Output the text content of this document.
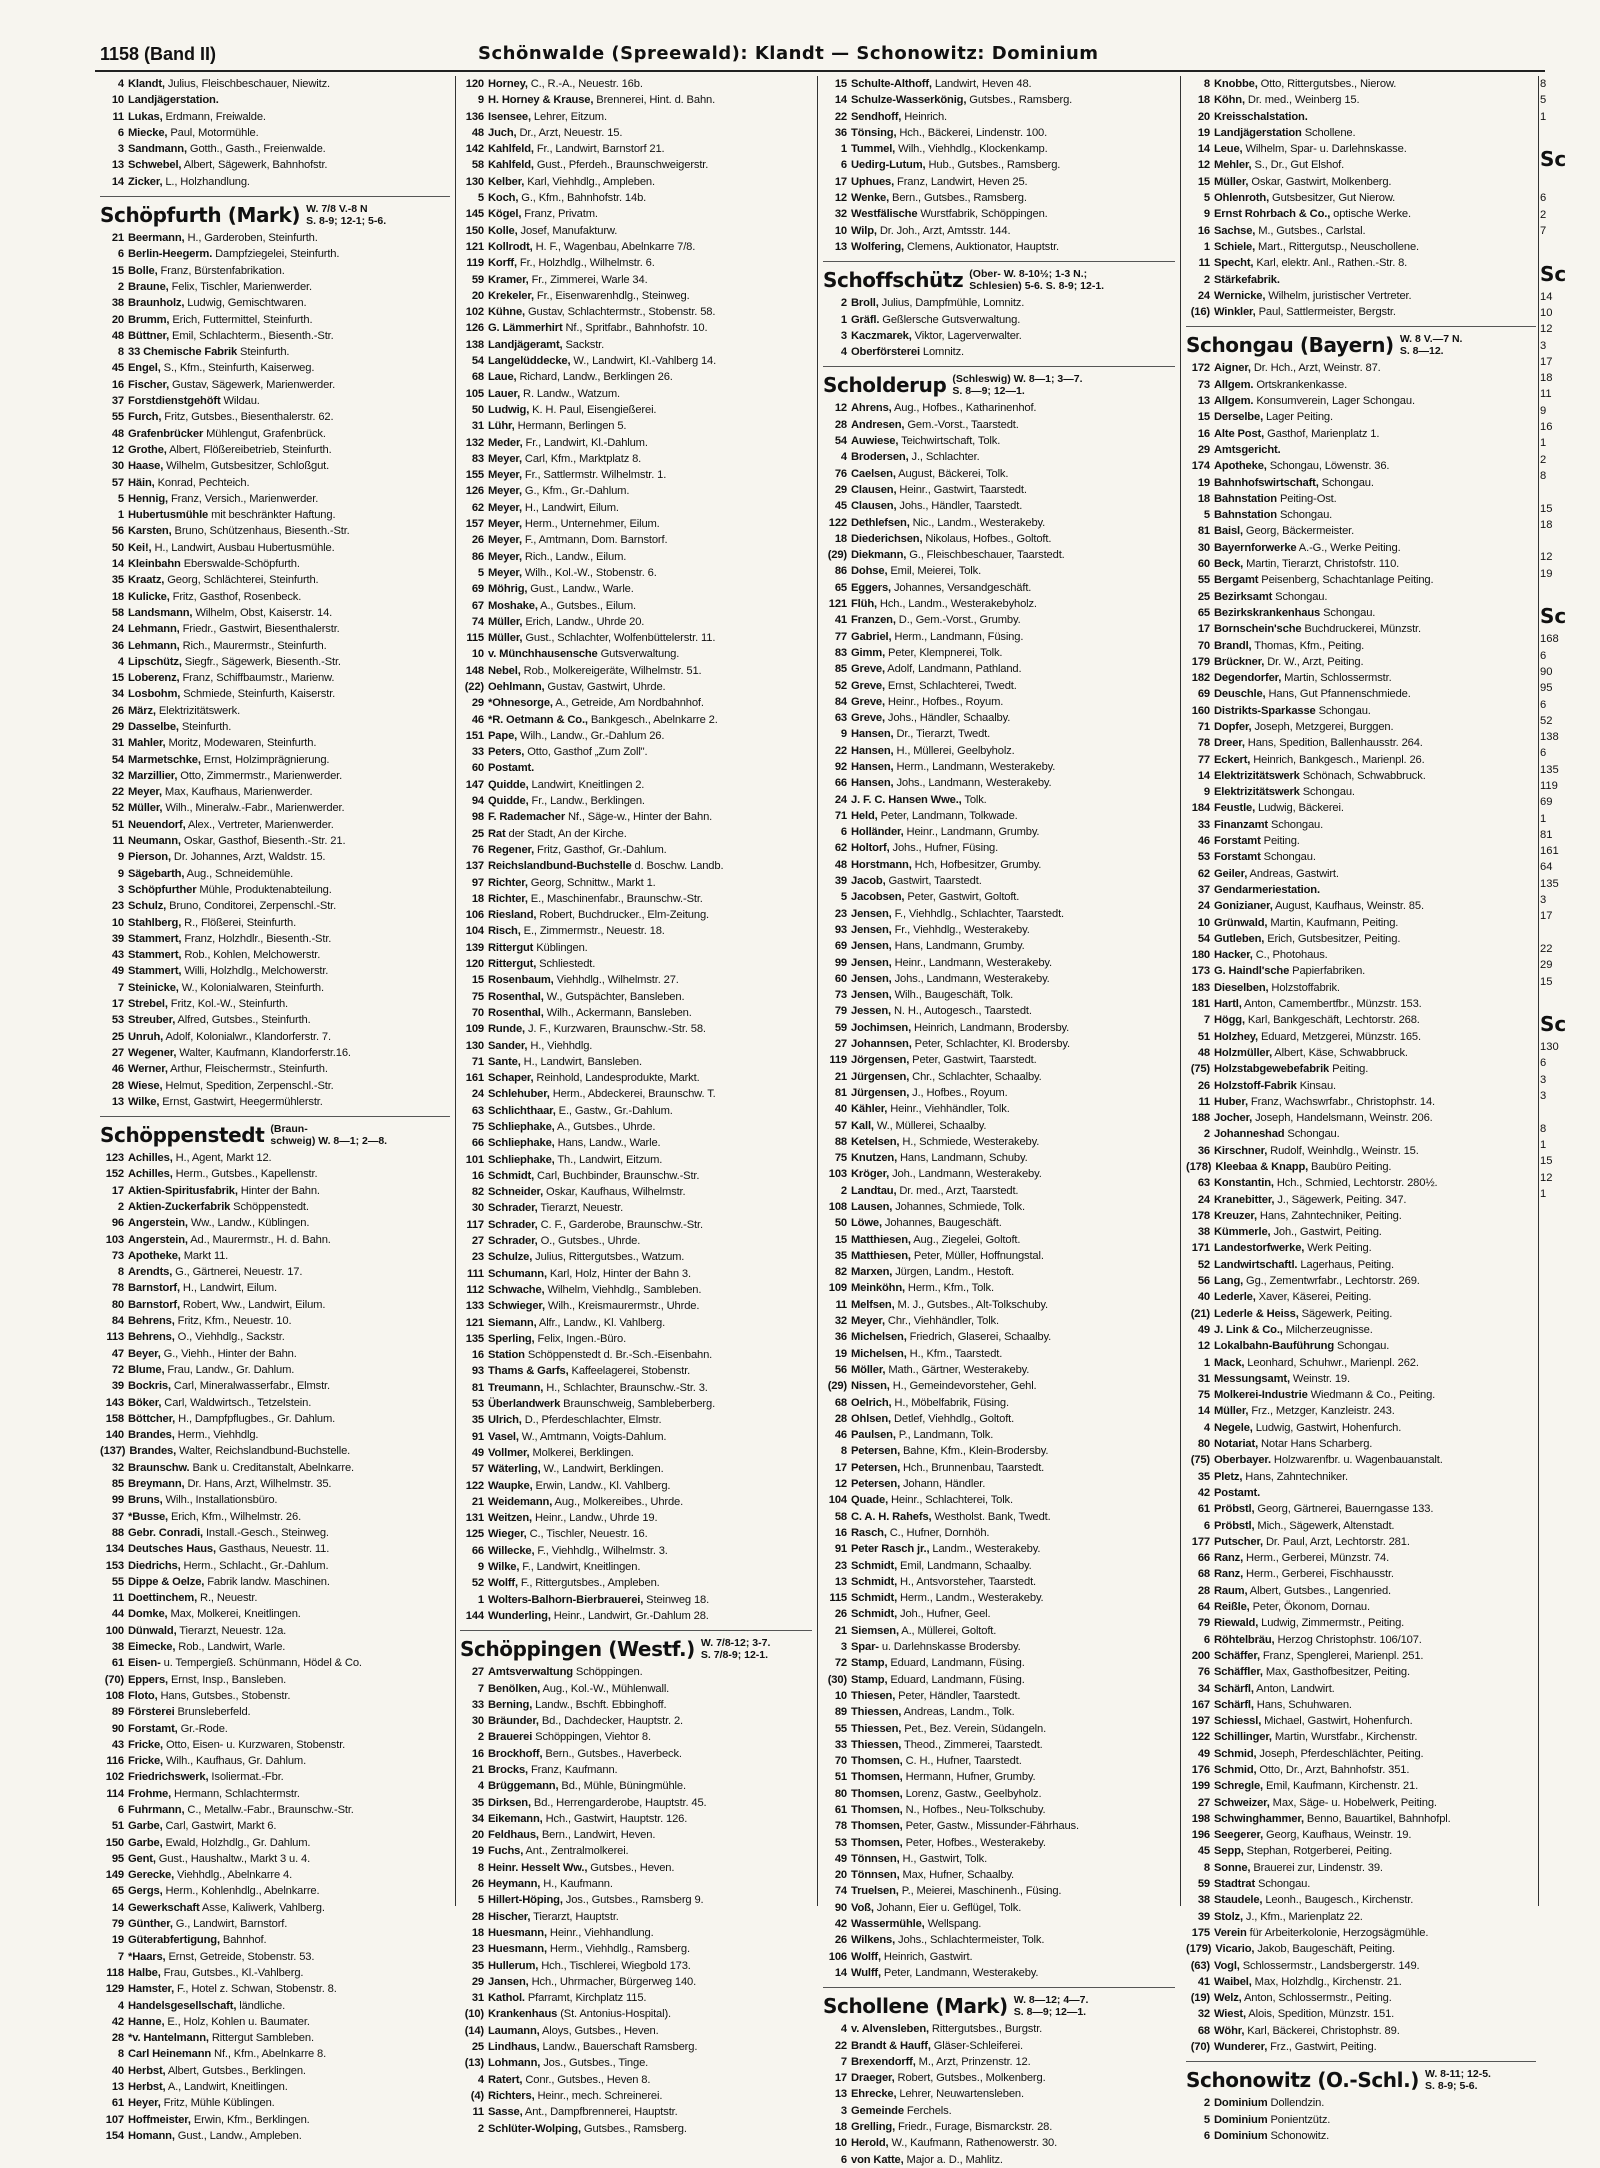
1158 (Band II)	Schönwalde (Spreewald): Klandt — Schonowitz: Dominium
4 Klandt, Julius, Fleischbeschauer, Niewitz.
10 Landjägerstation.
11 Lukas, Erdmann, Freiwalde.
6 Miecke, Paul, Motormühle.
3 Sandmann, Gotth., Gasth., Freienwalde.
13 Schwebel, Albert, Sägewerk, Bahnhofstr.
14 Zicker, L., Holzhandlung.
Schöpfurth (Mark) W. 7/8 V.-8 N
S. 8-9; 12-1; 5-6.
21 Beermann, H., Garderoben, Steinfurth.
6 Berlin-Heegerm. Dampfziegelei, Steinfurth.
15 Bolle, Franz, Bürstenfabrikation.
2 Braune, Felix, Tischler, Marienwerder.
38 Braunholz, Ludwig, Gemischtwaren.
20 Brumm, Erich, Futtermittel, Steinfurth.
48 Büttner, Emil, Schlachterm., Biesenth.-Str.
8 33 Chemische Fabrik Steinfurth.
45 Engel, S., Kfm., Steinfurth, Kaiserweg.
16 Fischer, Gustav, Sägewerk, Marienwerder.
37 Forstdienstgehöft Wildau.
55 Furch, Fritz, Gutsbes., Biesenthalerstr. 62.
48 Grafenbrücker Mühlengut, Grafenbrück.
12 Grothe, Albert, Flößereibetrieb, Steinfurth.
30 Haase, Wilhelm, Gutsbesitzer, Schloßgut.
57 Häin, Konrad, Pechteich.
5 Hennig, Franz, Versich., Marienwerder.
1 Hubertusmühle mit beschränkter Haftung.
56 Karsten, Bruno, Schützenhaus, Biesenth.-Str.
50 Kei!, H., Landwirt, Ausbau Hubertusmühle.
14 Kleinbahn Eberswalde-Schöpfurth.
35 Kraatz, Georg, Schlächterei, Steinfurth.
18 Kulicke, Fritz, Gasthof, Rosenbeck.
58 Landsmann, Wilhelm, Obst, Kaiserstr. 14.
24 Lehmann, Friedr., Gastwirt, Biesenthalerstr.
36 Lehmann, Rich., Maurermstr., Steinfurth.
4 Lipschütz, Siegfr., Sägewerk, Biesenth.-Str.
15 Loberenz, Franz, Schiffbaumstr., Marienw.
34 Losbohm, Schmiede, Steinfurth, Kaiserstr.
26 März, Elektrizitätswerk.
29 Dasselbe, Steinfurth.
31 Mahler, Moritz, Modewaren, Steinfurth.
54 Marmetschke, Ernst, Holzimprägnierung.
32 Marzillier, Otto, Zimmermstr., Marienwerder.
22 Meyer, Max, Kaufhaus, Marienwerder.
52 Müller, Wilh., Mineralw.-Fabr., Marienwerder.
51 Neuendorf, Alex., Vertreter, Marienwerder.
11 Neumann, Oskar, Gasthof, Biesenth.-Str. 21.
9 Pierson, Dr. Johannes, Arzt, Waldstr. 15.
9 Sägebarth, Aug., Schneidemühle.
3 Schöpfurther Mühle, Produktenabteilung.
23 Schulz, Bruno, Conditorei, Zerpenschl.-Str.
10 Stahlberg, R., Flößerei, Steinfurth.
39 Stammert, Franz, Holzhdlr., Biesenth.-Str.
43 Stammert, Rob., Kohlen, Melchowerstr.
49 Stammert, Willi, Holzhdlg., Melchowerstr.
7 Steinicke, W., Kolonialwaren, Steinfurth.
17 Strebel, Fritz, Kol.-W., Steinfurth.
53 Streuber, Alfred, Gutsbes., Steinfurth.
25 Unruh, Adolf, Kolonialwr., Klandorferstr. 7.
27 Wegener, Walter, Kaufmann, Klandorferstr.16.
46 Werner, Arthur, Fleischermstr., Steinfurth.
28 Wiese, Helmut, Spedition, Zerpenschl.-Str.
13 Wilke, Ernst, Gastwirt, Heegermühlerstr.
Schöppenstedt (Braun-
schweig) W. 8—1; 2—8.
123 Achilles, H., Agent, Markt 12.
152 Achilles, Herm., Gutsbes., Kapellenstr.
17 Aktien-Spiritusfabrik, Hinter der Bahn.
2 Aktien-Zuckerfabrik Schöppenstedt.
96 Angerstein, Ww., Landw., Küblingen.
103 Angerstein, Ad., Maurermstr., H. d. Bahn.
73 Apotheke, Markt 11.
8 Arendts, G., Gärtnerei, Neuestr. 17.
78 Barnstorf, H., Landwirt, Eilum.
80 Barnstorf, Robert, Ww., Landwirt, Eilum.
84 Behrens, Fritz, Kfm., Neuestr. 10.
113 Behrens, O., Viehhdlg., Sackstr.
47 Beyer, G., Viehh., Hinter der Bahn.
72 Blume, Frau, Landw., Gr. Dahlum.
39 Bockris, Carl, Mineralwasserfabr., Elmstr.
143 Böker, Carl, Waldwirtsch., Tetzelstein.
158 Böttcher, H., Dampfpflugbes., Gr. Dahlum.
140 Brandes, Herm., Viehhdlg.
(137) Brandes, Walter, Reichslandbund-Buchstelle.
32 Braunschw. Bank u. Creditanstalt, Abelnkarre.
85 Breymann, Dr. Hans, Arzt, Wilhelmstr. 35.
99 Bruns, Wilh., Installationsbüro.
37 *Busse, Erich, Kfm., Wilhelmstr. 26.
88 Gebr. Conradi, Install.-Gesch., Steinweg.
134 Deutsches Haus, Gasthaus, Neuestr. 11.
153 Diedrichs, Herm., Schlacht., Gr.-Dahlum.
55 Dippe & Oelze, Fabrik landw. Maschinen.
11 Doettinchem, R., Neuestr.
44 Domke, Max, Molkerei, Kneitlingen.
100 Dünwald, Tierarzt, Neuestr. 12a.
38 Eimecke, Rob., Landwirt, Warle.
61 Eisen- u. Tempergieß. Schünmann, Hödel & Co.
(70) Eppers, Ernst, Insp., Bansleben.
108 Floto, Hans, Gutsbes., Stobenstr.
89 Försterei Brunsleberfeld.
90 Forstamt, Gr.-Rode.
43 Fricke, Otto, Eisen- u. Kurzwaren, Stobenstr.
116 Fricke, Wilh., Kaufhaus, Gr. Dahlum.
102 Friedrichswerk, Isoliermat.-Fbr.
114 Frohme, Hermann, Schlachtermstr.
6 Fuhrmann, C., Metallw.-Fabr., Braunschw.-Str.
51 Garbe, Carl, Gastwirt, Markt 6.
150 Garbe, Ewald, Holzhdlg., Gr. Dahlum.
95 Gent, Gust., Haushaltw., Markt 3 u. 4.
149 Gerecke, Viehhdlg., Abelnkarre 4.
65 Gergs, Herm., Kohlenhdlg., Abelnkarre.
14 Gewerkschaft Asse, Kaliwerk, Vahlberg.
79 Günther, G., Landwirt, Barnstorf.
19 Güterabfertigung, Bahnhof.
7 *Haars, Ernst, Getreide, Stobenstr. 53.
118 Halbe, Frau, Gutsbes., Kl.-Vahlberg.
129 Hamster, F., Hotel z. Schwan, Stobenstr. 8.
4 Handelsgesellschaft, ländliche.
42 Hanne, E., Holz, Kohlen u. Baumater.
28 *v. Hantelmann, Rittergut Sambleben.
8 Carl Heinemann Nf., Kfm., Abelnkarre 8.
40 Herbst, Albert, Gutsbes., Berklingen.
13 Herbst, A., Landwirt, Kneitlingen.
61 Heyer, Fritz, Mühle Küblingen.
107 Hoffmeister, Erwin, Kfm., Berklingen.
154 Homann, Gust., Landw., Ampleben.
120 Horney, C., R.-A., Neuestr. 16b.
9 H. Horney & Krause, Brennerei, Hint. d. Bahn.
136 Isensee, Lehrer, Eitzum.
48 Juch, Dr., Arzt, Neuestr. 15.
142 Kahlfeld, Fr., Landwirt, Barnstorf 21.
58 Kahlfeld, Gust., Pferdeh., Braunschweigerstr.
130 Kelber, Karl, Viehhdlg., Ampleben.
5 Koch, G., Kfm., Bahnhofstr. 14b.
145 Kögel, Franz, Privatm.
150 Kolle, Josef, Manufakturw.
121 Kollrodt, H. F., Wagenbau, Abelnkarre 7/8.
119 Korff, Fr., Holzhdlg., Wilhelmstr. 6.
59 Kramer, Fr., Zimmerei, Warle 34.
20 Krekeler, Fr., Eisenwarenhdlg., Steinweg.
102 Kühne, Gustav, Schlachtermstr., Stobenstr. 58.
126 G. Lämmerhirt Nf., Spritfabr., Bahnhofstr. 10.
138 Landjägeramt, Sackstr.
54 Langelüddecke, W., Landwirt, Kl.-Vahlberg 14.
68 Laue, Richard, Landw., Berklingen 26.
105 Lauer, R. Landw., Watzum.
50 Ludwig, K. H. Paul, Eisengießerei.
31 Lühr, Hermann, Berlingen 5.
132 Meder, Fr., Landwirt, Kl.-Dahlum.
83 Meyer, Carl, Kfm., Marktplatz 8.
155 Meyer, Fr., Sattlermstr. Wilhelmstr. 1.
126 Meyer, G., Kfm., Gr.-Dahlum.
62 Meyer, H., Landwirt, Eilum.
157 Meyer, Herm., Unternehmer, Eilum.
26 Meyer, F., Amtmann, Dom. Barnstorf.
86 Meyer, Rich., Landw., Eilum.
5 Meyer, Wilh., Kol.-W., Stobenstr. 6.
69 Möhrig, Gust., Landw., Warle.
67 Moshake, A., Gutsbes., Eilum.
74 Müller, Erich, Landw., Uhrde 20.
115 Müller, Gust., Schlachter, Wolfenbüttelerstr. 11.
10 v. Münchhausensche Gutsverwaltung.
148 Nebel, Rob., Molkereigeräte, Wilhelmstr. 51.
(22) Oehlmann, Gustav, Gastwirt, Uhrde.
29 *Ohnesorge, A., Getreide, Am Nordbahnhof.
46 *R. Oetmann & Co., Bankgesch., Abelnkarre 2.
151 Pape, Wilh., Landw., Gr.-Dahlum 26.
33 Peters, Otto, Gasthof „Zum Zoll".
60 Postamt.
147 Quidde, Landwirt, Kneitlingen 2.
94 Quidde, Fr., Landw., Berklingen.
98 F. Rademacher Nf., Säge-w., Hinter der Bahn.
25 Rat der Stadt, An der Kirche.
76 Regener, Fritz, Gasthof, Gr.-Dahlum.
137 Reichslandbund-Buchstelle d. Boschw. Landb.
97 Richter, Georg, Schnittw., Markt 1.
18 Richter, E., Maschinenfabr., Braunschw.-Str.
106 Riesland, Robert, Buchdrucker., Elm-Zeitung.
104 Risch, E., Zimmermstr., Neuestr. 18.
139 Rittergut Küblingen.
120 Rittergut, Schliestedt.
15 Rosenbaum, Viehhdlg., Wilhelmstr. 27.
75 Rosenthal, W., Gutspächter, Bansleben.
70 Rosenthal, Wilh., Ackermann, Bansleben.
109 Runde, J. F., Kurzwaren, Braunschw.-Str. 58.
130 Sander, H., Viehhdlg.
71 Sante, H., Landwirt, Bansleben.
161 Schaper, Reinhold, Landesprodukte, Markt.
24 Schlehuber, Herm., Abdeckerei, Braunschw. T.
63 Schlichthaar, E., Gastw., Gr.-Dahlum.
75 Schliephake, A., Gutsbes., Uhrde.
66 Schliephake, Hans, Landw., Warle.
101 Schliephake, Th., Landwirt, Eitzum.
16 Schmidt, Carl, Buchbinder, Braunschw.-Str.
82 Schneider, Oskar, Kaufhaus, Wilhelmstr.
30 Schrader, Tierarzt, Neuestr.
117 Schrader, C. F., Garderobe, Braunschw.-Str.
27 Schrader, O., Gutsbes., Uhrde.
23 Schulze, Julius, Rittergutsbes., Watzum.
111 Schumann, Karl, Holz, Hinter der Bahn 3.
112 Schwache, Wilhelm, Viehhdlg., Sambleben.
133 Schwieger, Wilh., Kreismaurermstr., Uhrde.
121 Siemann, Alfr., Landw., Kl. Vahlberg.
135 Sperling, Felix, Ingen.-Büro.
16 Station Schöppenstedt d. Br.-Sch.-Eisenbahn.
93 Thams & Garfs, Kaffeelagerei, Stobenstr.
81 Treumann, H., Schlachter, Braunschw.-Str. 3.
53 Überlandwerk Braunschweig, Sambleberberg.
35 Ulrich, D., Pferdeschlachter, Elmstr.
91 Vasel, W., Amtmann, Voigts-Dahlum.
49 Vollmer, Molkerei, Berklingen.
57 Wäterling, W., Landwirt, Berklingen.
122 Waupke, Erwin, Landw., Kl. Vahlberg.
21 Weidemann, Aug., Molkereibes., Uhrde.
131 Weitzen, Heinr., Landw., Uhrde 19.
125 Wieger, C., Tischler, Neuestr. 16.
66 Willecke, F., Viehhdlg., Wilhelmstr. 3.
9 Wilke, F., Landwirt, Kneitlingen.
52 Wolff, F., Rittergutsbes., Ampleben.
1 Wolters-Balhorn-Bierbrauerei, Steinweg 18.
144 Wunderling, Heinr., Landwirt, Gr.-Dahlum 28.
Schöppingen (Westf.) W. 7/8-12; 3-7.
S. 7/8-9; 12-1.
27 Amtsverwaltung Schöppingen.
7 Benölken, Aug., Kol.-W., Mühlenwall.
33 Berning, Landw., Bschft. Ebbinghoff.
30 Bräunder, Bd., Dachdecker, Hauptstr. 2.
2 Brauerei Schöppingen, Viehtor 8.
16 Brockhoff, Bern., Gutsbes., Haverbeck.
21 Brocks, Franz, Kaufmann.
4 Brüggemann, Bd., Mühle, Büningmühle.
35 Dirksen, Bd., Herrengarderobe, Hauptstr. 45.
34 Eikemann, Hch., Gastwirt, Hauptstr. 126.
20 Feldhaus, Bern., Landwirt, Heven.
19 Fuchs, Ant., Zentralmolkerei.
8 Heinr. Hesselt Ww., Gutsbes., Heven.
26 Heymann, H., Kaufmann.
5 Hillert-Höping, Jos., Gutsbes., Ramsberg 9.
28 Hischer, Tierarzt, Hauptstr.
18 Huesmann, Heinr., Viehhandlung.
23 Huesmann, Herm., Viehhdlg., Ramsberg.
35 Hullerum, Hch., Tischlerei, Wiegbold 173.
29 Jansen, Hch., Uhrmacher, Bürgerweg 140.
31 Kathol. Pfarramt, Kirchplatz 115.
(10) Krankenhaus (St. Antonius-Hospital).
(14) Laumann, Aloys, Gutsbes., Heven.
25 Lindhaus, Landw., Bauerschaft Ramsberg.
(13) Lohmann, Jos., Gutsbes., Tinge.
4 Ratert, Conr., Gutsbes., Heven 8.
(4) Richters, Heinr., mech. Schreinerei.
11 Sasse, Ant., Dampfbrennerei, Hauptstr.
2 Schlüter-Wolping, Gutsbes., Ramsberg.
15 Schulte-Althoff, Landwirt, Heven 48.
14 Schulze-Wasserkönig, Gutsbes., Ramsberg.
22 Sendhoff, Heinrich.
36 Tönsing, Hch., Bäckerei, Lindenstr. 100.
1 Tummel, Wilh., Viehhdlg., Klockenkamp.
6 Uedirg-Lutum, Hub., Gutsbes., Ramsberg.
17 Uphues, Franz, Landwirt, Heven 25.
12 Wenke, Bern., Gutsbes., Ramsberg.
32 Westfälische Wurstfabrik, Schöppingen.
10 Wilp, Dr. Joh., Arzt, Amtsstr. 144.
13 Wolfering, Clemens, Auktionator, Hauptstr.
Schoffschütz (Ober- W. 8-10½; 1-3 N.;
Schlesien) 5-6. S. 8-9; 12-1.
2 Broll, Julius, Dampfmühle, Lomnitz.
1 Gräfl. Geßlersche Gutsverwaltung.
3 Kaczmarek, Viktor, Lagerverwalter.
4 Oberförsterei Lomnitz.
Scholderup (Schleswig) W. 8—1; 3—7.
S. 8—9; 12—1.
12 Ahrens, Aug., Hofbes., Katharinenhof.
28 Andresen, Gem.-Vorst., Taarstedt.
54 Auwiese, Teichwirtschaft, Tolk.
4 Brodersen, J., Schlachter.
76 Caelsen, August, Bäckerei, Tolk.
29 Clausen, Heinr., Gastwirt, Taarstedt.
45 Clausen, Johs., Händler, Taarstedt.
122 Dethlefsen, Nic., Landm., Westerakeby.
18 Diederichsen, Nikolaus, Hofbes., Goltoft.
(29) Diekmann, G., Fleischbeschauer, Taarstedt.
86 Dohse, Emil, Meierei, Tolk.
65 Eggers, Johannes, Versandgeschäft.
121 Flüh, Hch., Landm., Westerakebyholz.
41 Franzen, D., Gem.-Vorst., Grumby.
77 Gabriel, Herm., Landmann, Füsing.
83 Gimm, Peter, Klempnerei, Tolk.
85 Greve, Adolf, Landmann, Pathland.
52 Greve, Ernst, Schlachterei, Twedt.
84 Greve, Heinr., Hofbes., Royum.
63 Greve, Johs., Händler, Schaalby.
9 Hansen, Dr., Tierarzt, Twedt.
22 Hansen, H., Müllerei, Geelbyholz.
92 Hansen, Herm., Landmann, Westerakeby.
66 Hansen, Johs., Landmann, Westerakeby.
24 J. F. C. Hansen Wwe., Tolk.
71 Held, Peter, Landmann, Tolkwade.
6 Holländer, Heinr., Landmann, Grumby.
62 Holtorf, Johs., Hufner, Füsing.
48 Horstmann, Hch, Hofbesitzer, Grumby.
39 Jacob, Gastwirt, Taarstedt.
5 Jacobsen, Peter, Gastwirt, Goltoft.
23 Jensen, F., Viehhdlg., Schlachter, Taarstedt.
93 Jensen, Fr., Viehhdlg., Westerakeby.
69 Jensen, Hans, Landmann, Grumby.
99 Jensen, Heinr., Landmann, Westerakeby.
60 Jensen, Johs., Landmann, Westerakeby.
73 Jensen, Wilh., Baugeschäft, Tolk.
79 Jessen, N. H., Autogesch., Taarstedt.
59 Jochimsen, Heinrich, Landmann, Brodersby.
27 Johannsen, Peter, Schlachter, Kl. Brodersby.
119 Jörgensen, Peter, Gastwirt, Taarstedt.
21 Jürgensen, Chr., Schlachter, Schaalby.
81 Jürgensen, J., Hofbes., Royum.
40 Kähler, Heinr., Viehhändler, Tolk.
57 Kall, W., Müllerei, Schaalby.
88 Ketelsen, H., Schmiede, Westerakeby.
75 Knutzen, Hans, Landmann, Schuby.
103 Kröger, Joh., Landmann, Westerakeby.
2 Landtau, Dr. med., Arzt, Taarstedt.
108 Lausen, Johannes, Schmiede, Tolk.
50 Löwe, Johannes, Baugeschäft.
15 Matthiesen, Aug., Ziegelei, Goltoft.
35 Matthiesen, Peter, Müller, Hoffnungstal.
82 Marxen, Jürgen, Landm., Hestoft.
109 Meinköhn, Herm., Kfm., Tolk.
11 Melfsen, M. J., Gutsbes., Alt-Tolkschuby.
32 Meyer, Chr., Viehhändler, Tolk.
36 Michelsen, Friedrich, Glaserei, Schaalby.
19 Michelsen, H., Kfm., Taarstedt.
56 Möller, Math., Gärtner, Westerakeby.
(29) Nissen, H., Gemeindevorsteher, Gehl.
68 Oelrich, H., Möbelfabrik, Füsing.
28 Ohlsen, Detlef, Viehhdlg., Goltoft.
46 Paulsen, P., Landmann, Tolk.
8 Petersen, Bahne, Kfm., Klein-Brodersby.
17 Petersen, Hch., Brunnenbau, Taarstedt.
12 Petersen, Johann, Händler.
104 Quade, Heinr., Schlachterei, Tolk.
58 C. A. H. Rahefs, Westholst. Bank, Twedt.
16 Rasch, C., Hufner, Dornhöh.
91 Peter Rasch jr., Landm., Westerakeby.
23 Schmidt, Emil, Landmann, Schaalby.
13 Schmidt, H., Antsvorsteher, Taarstedt.
115 Schmidt, Herm., Landm., Westerakeby.
26 Schmidt, Joh., Hufner, Geel.
21 Siemsen, A., Müllerei, Goltoft.
3 Spar- u. Darlehnskasse Brodersby.
72 Stamp, Eduard, Landmann, Füsing.
(30) Stamp, Eduard, Landmann, Füsing.
10 Thiesen, Peter, Händler, Taarstedt.
89 Thiessen, Andreas, Landm., Tolk.
55 Thiessen, Pet., Bez. Verein, Südangeln.
33 Thiessen, Theod., Zimmerei, Taarstedt.
70 Thomsen, C. H., Hufner, Taarstedt.
51 Thomsen, Hermann, Hufner, Grumby.
80 Thomsen, Lorenz, Gastw., Geelbyholz.
61 Thomsen, N., Hofbes., Neu-Tolkschuby.
78 Thomsen, Peter, Gastw., Missunder-Fährhaus.
53 Thomsen, Peter, Hofbes., Westerakeby.
49 Tönnsen, H., Gastwirt, Tolk.
20 Tönnsen, Max, Hufner, Schaalby.
74 Truelsen, P., Meierei, Maschinenh., Füsing.
90 Voß, Johann, Eier u. Geflügel, Tolk.
42 Wassermühle, Wellspang.
26 Wilkens, Johs., Schlachtermeister, Tolk.
106 Wolff, Heinrich, Gastwirt.
14 Wulff, Peter, Landmann, Westerakeby.
Schollene (Mark) W. 8—12; 4—7.
S. 8—9; 12—1.
4 v. Alvensleben, Rittergutsbes., Burgstr.
22 Brandt & Hauff, Gläser-Schleiferei.
7 Brexendorff, M., Arzt, Prinzenstr. 12.
17 Draeger, Robert, Gutsbes., Molkenberg.
13 Ehrecke, Lehrer, Neuwartensleben.
3 Gemeinde Ferchels.
18 Grelling, Friedr., Furage, Bismarckstr. 28.
10 Herold, W., Kaufmann, Rathenowerstr. 30.
6 von Katte, Major a. D., Mahlitz.
8 Knobbe, Otto, Rittergutsbes., Nierow.
18 Köhn, Dr. med., Weinberg 15.
20 Kreisschalstation.
19 Landjägerstation Schollene.
14 Leue, Wilhelm, Spar- u. Darlehnskasse.
12 Mehler, S., Dr., Gut Elshof.
15 Müller, Oskar, Gastwirt, Molkenberg.
5 Ohlenroth, Gutsbesitzer, Gut Nierow.
9 Ernst Rohrbach & Co., optische Werke.
16 Sachse, M., Gutsbes., Carlstal.
1 Schiele, Mart., Rittergutsp., Neuschollene.
11 Specht, Karl, elektr. Anl., Rathen.-Str. 8.
2 Stärkefabrik.
24 Wernicke, Wilhelm, juristischer Vertreter.
(16) Winkler, Paul, Sattlermeister, Bergstr.
Schongau (Bayern) W. 8 V.—7 N.
S. 8—12.
172 Aigner, Dr. Hch., Arzt, Weinstr. 87.
73 Allgem. Ortskrankenkasse.
13 Allgem. Konsumverein, Lager Schongau.
15 Derselbe, Lager Peiting.
16 Alte Post, Gasthof, Marienplatz 1.
29 Amtsgericht.
174 Apotheke, Schongau, Löwenstr. 36.
19 Bahnhofswirtschaft, Schongau.
18 Bahnstation Peiting-Ost.
5 Bahnstation Schongau.
81 Baisl, Georg, Bäckermeister.
30 Bayernforwerke A.-G., Werke Peiting.
60 Beck, Martin, Tierarzt, Christofstr. 110.
55 Bergamt Peisenberg, Schachtanlage Peiting.
25 Bezirksamt Schongau.
65 Bezirkskrankenhaus Schongau.
17 Bornschein'sche Buchdruckerei, Münzstr.
70 Brandl, Thomas, Kfm., Peiting.
179 Brückner, Dr. W., Arzt, Peiting.
182 Degendorfer, Martin, Schlossermstr.
69 Deuschle, Hans, Gut Pfannenschmiede.
160 Distrikts-Sparkasse Schongau.
71 Dopfer, Joseph, Metzgerei, Burggen.
78 Dreer, Hans, Spedition, Ballenhausstr. 264.
77 Eckert, Heinrich, Bankgesch., Marienpl. 26.
14 Elektrizitätswerk Schönach, Schwabbruck.
9 Elektrizitätswerk Schongau.
184 Feustle, Ludwig, Bäckerei.
33 Finanzamt Schongau.
46 Forstamt Peiting.
53 Forstamt Schongau.
62 Geiler, Andreas, Gastwirt.
37 Gendarmeriestation.
24 Gonizianer, August, Kaufhaus, Weinstr. 85.
10 Grünwald, Martin, Kaufmann, Peiting.
54 Gutleben, Erich, Gutsbesitzer, Peiting.
180 Hacker, C., Photohaus.
173 G. Haindl'sche Papierfabriken.
183 Dieselben, Holzstoffabrik.
181 Hartl, Anton, Camembertfbr., Münzstr. 153.
7 Högg, Karl, Bankgeschäft, Lechtorstr. 268.
51 Holzhey, Eduard, Metzgerei, Münzstr. 165.
48 Holzmüller, Albert, Käse, Schwabbruck.
(75) Holzstabgewebefabrik Peiting.
26 Holzstoff-Fabrik Kinsau.
11 Huber, Franz, Wachswrfabr., Christophstr. 14.
188 Jocher, Joseph, Handelsmann, Weinstr. 206.
2 Johanneshad Schongau.
36 Kirschner, Rudolf, Weinhdlg., Weinstr. 15.
(178) Kleebaa & Knapp, Baubüro Peiting.
63 Konstantin, Hch., Schmied, Lechtorstr. 280½.
24 Kranebitter, J., Sägewerk, Peiting. 347.
178 Kreuzer, Hans, Zahntechniker, Peiting.
38 Kümmerle, Joh., Gastwirt, Peiting.
171 Landestorfwerke, Werk Peiting.
52 Landwirtschaftl. Lagerhaus, Peiting.
56 Lang, Gg., Zementwrfabr., Lechtorstr. 269.
40 Lederle, Xaver, Käserei, Peiting.
(21) Lederle & Heiss, Sägewerk, Peiting.
49 J. Link & Co., Milcherzeugnisse.
12 Lokalbahn-Bauführung Schongau.
1 Mack, Leonhard, Schuhwr., Marienpl. 262.
31 Messungsamt, Weinstr. 19.
75 Molkerei-Industrie Wiedmann & Co., Peiting.
14 Müller, Frz., Metzger, Kanzleistr. 243.
4 Negele, Ludwig, Gastwirt, Hohenfurch.
80 Notariat, Notar Hans Scharberg.
(75) Oberbayer. Holzwarenfbr. u. Wagenbauanstalt.
35 Pletz, Hans, Zahntechniker.
42 Postamt.
61 Pröbstl, Georg, Gärtnerei, Bauerngasse 133.
6 Pröbstl, Mich., Sägewerk, Altenstadt.
177 Putscher, Dr. Paul, Arzt, Lechtorstr. 281.
66 Ranz, Herm., Gerberei, Münzstr. 74.
68 Ranz, Herm., Gerberei, Fischhausstr.
28 Raum, Albert, Gutsbes., Langenried.
64 Reißle, Peter, Ökonom, Dornau.
79 Riewald, Ludwig, Zimmermstr., Peiting.
6 Röhtelbräu, Herzog Christophstr. 106/107.
200 Schäffer, Franz, Spenglerei, Marienpl. 251.
76 Schäffler, Max, Gasthofbesitzer, Peiting.
34 Schärfl, Anton, Landwirt.
167 Schärfl, Hans, Schuhwaren.
197 Schiessl, Michael, Gastwirt, Hohenfurch.
122 Schillinger, Martin, Wurstfabr., Kirchenstr.
49 Schmid, Joseph, Pferdeschlächter, Peiting.
176 Schmid, Otto, Dr., Arzt, Bahnhofstr. 351.
199 Schregle, Emil, Kaufmann, Kirchenstr. 21.
27 Schweizer, Max, Säge- u. Hobelwerk, Peiting.
198 Schwinghammer, Benno, Bauartikel, Bahnhofpl.
196 Seegerer, Georg, Kaufhaus, Weinstr. 19.
45 Sepp, Stephan, Rotgerberei, Peiting.
8 Sonne, Brauerei zur, Lindenstr. 39.
59 Stadtrat Schongau.
38 Staudele, Leonh., Baugesch., Kirchenstr.
39 Stolz, J., Kfm., Marienplatz 22.
175 Verein für Arbeiterkolonie, Herzogsägmühle.
(179) Vicario, Jakob, Baugeschäft, Peiting.
(63) Vogl, Schlossermstr., Landsbergerstr. 149.
41 Waibel, Max, Holzhdlg., Kirchenstr. 21.
(19) Welz, Anton, Schlossermstr., Peiting.
32 Wiest, Alois, Spedition, Münzstr. 151.
68 Wöhr, Karl, Bäckerei, Christophstr. 89.
(70) Wunderer, Frz., Gastwirt, Peiting.
Schonowitz (O.-Schl.) W. 8-11; 12-5.
S. 8-9; 5-6.
2 Dominium Dollendzin.
5 Dominium Ponientzütz.
6 Dominium Schonowitz.
8
5
1

Sc

6
2
7

Sc
14
10
12
3
17
18
11
9
16
1
2
8

15
18

12
19

Sc
168
6
90
95
6
52
138
6
135
119
69
1
81
161
64
135
3
17

22
29
15

Sc
130
6
3
3

8
1
15
12
1
